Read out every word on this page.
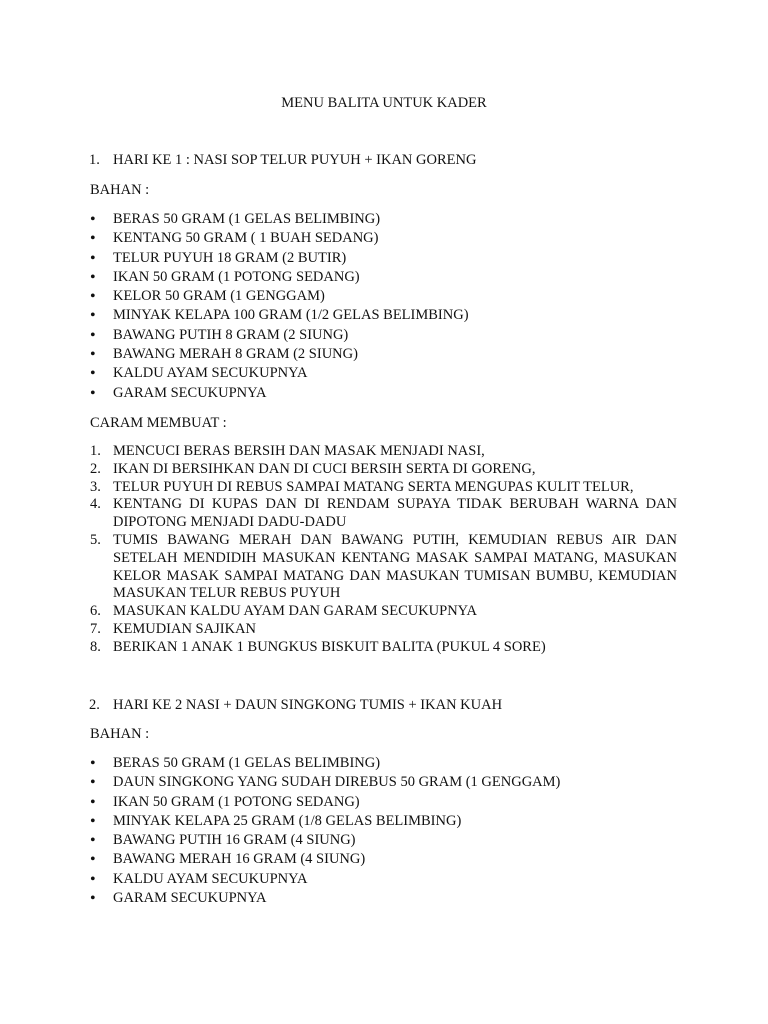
MENU BALITA UNTUK KADER
1. HARI KE 1 : NASI SOP TELUR PUYUH + IKAN GORENG
BAHAN :
• BERAS 50 GRAM (1 GELAS BELIMBING)
• KENTANG 50 GRAM ( 1 BUAH SEDANG)
• TELUR PUYUH 18 GRAM (2 BUTIR)
• IKAN 50 GRAM (1 POTONG SEDANG)
• KELOR 50 GRAM (1 GENGGAM)
• MINYAK KELAPA 100 GRAM (1/2 GELAS BELIMBING)
• BAWANG PUTIH 8 GRAM (2 SIUNG)
• BAWANG MERAH 8 GRAM (2 SIUNG)
• KALDU AYAM SECUKUPNYA
• GARAM SECUKUPNYA
CARAM MEMBUAT :
1. MENCUCI BERAS BERSIH DAN MASAK MENJADI NASI,
2. IKAN DI BERSIHKAN DAN DI CUCI BERSIH SERTA DI GORENG,
3. TELUR PUYUH DI REBUS SAMPAI MATANG SERTA MENGUPAS KULIT TELUR,
4. KENTANG DI KUPAS DAN DI RENDAM SUPAYA TIDAK BERUBAH WARNA DAN DIPOTONG MENJADI DADU-DADU
5. TUMIS BAWANG MERAH DAN BAWANG PUTIH, KEMUDIAN REBUS AIR DAN SETELAH MENDIDIH MASUKAN KENTANG MASAK SAMPAI MATANG, MASUKAN KELOR MASAK SAMPAI MATANG DAN MASUKAN TUMISAN BUMBU, KEMUDIAN MASUKAN TELUR REBUS PUYUH
6. MASUKAN KALDU AYAM DAN GARAM SECUKUPNYA
7. KEMUDIAN SAJIKAN
8. BERIKAN 1 ANAK 1 BUNGKUS BISKUIT BALITA (PUKUL 4 SORE)
2. HARI KE 2 NASI + DAUN SINGKONG TUMIS + IKAN KUAH
BAHAN :
• BERAS 50 GRAM (1 GELAS BELIMBING)
• DAUN SINGKONG YANG SUDAH DIREBUS 50 GRAM (1 GENGGAM)
• IKAN 50 GRAM (1 POTONG SEDANG)
• MINYAK KELAPA 25 GRAM (1/8 GELAS BELIMBING)
• BAWANG PUTIH 16 GRAM (4 SIUNG)
• BAWANG MERAH 16 GRAM (4 SIUNG)
• KALDU AYAM SECUKUPNYA
• GARAM SECUKUPNYA
